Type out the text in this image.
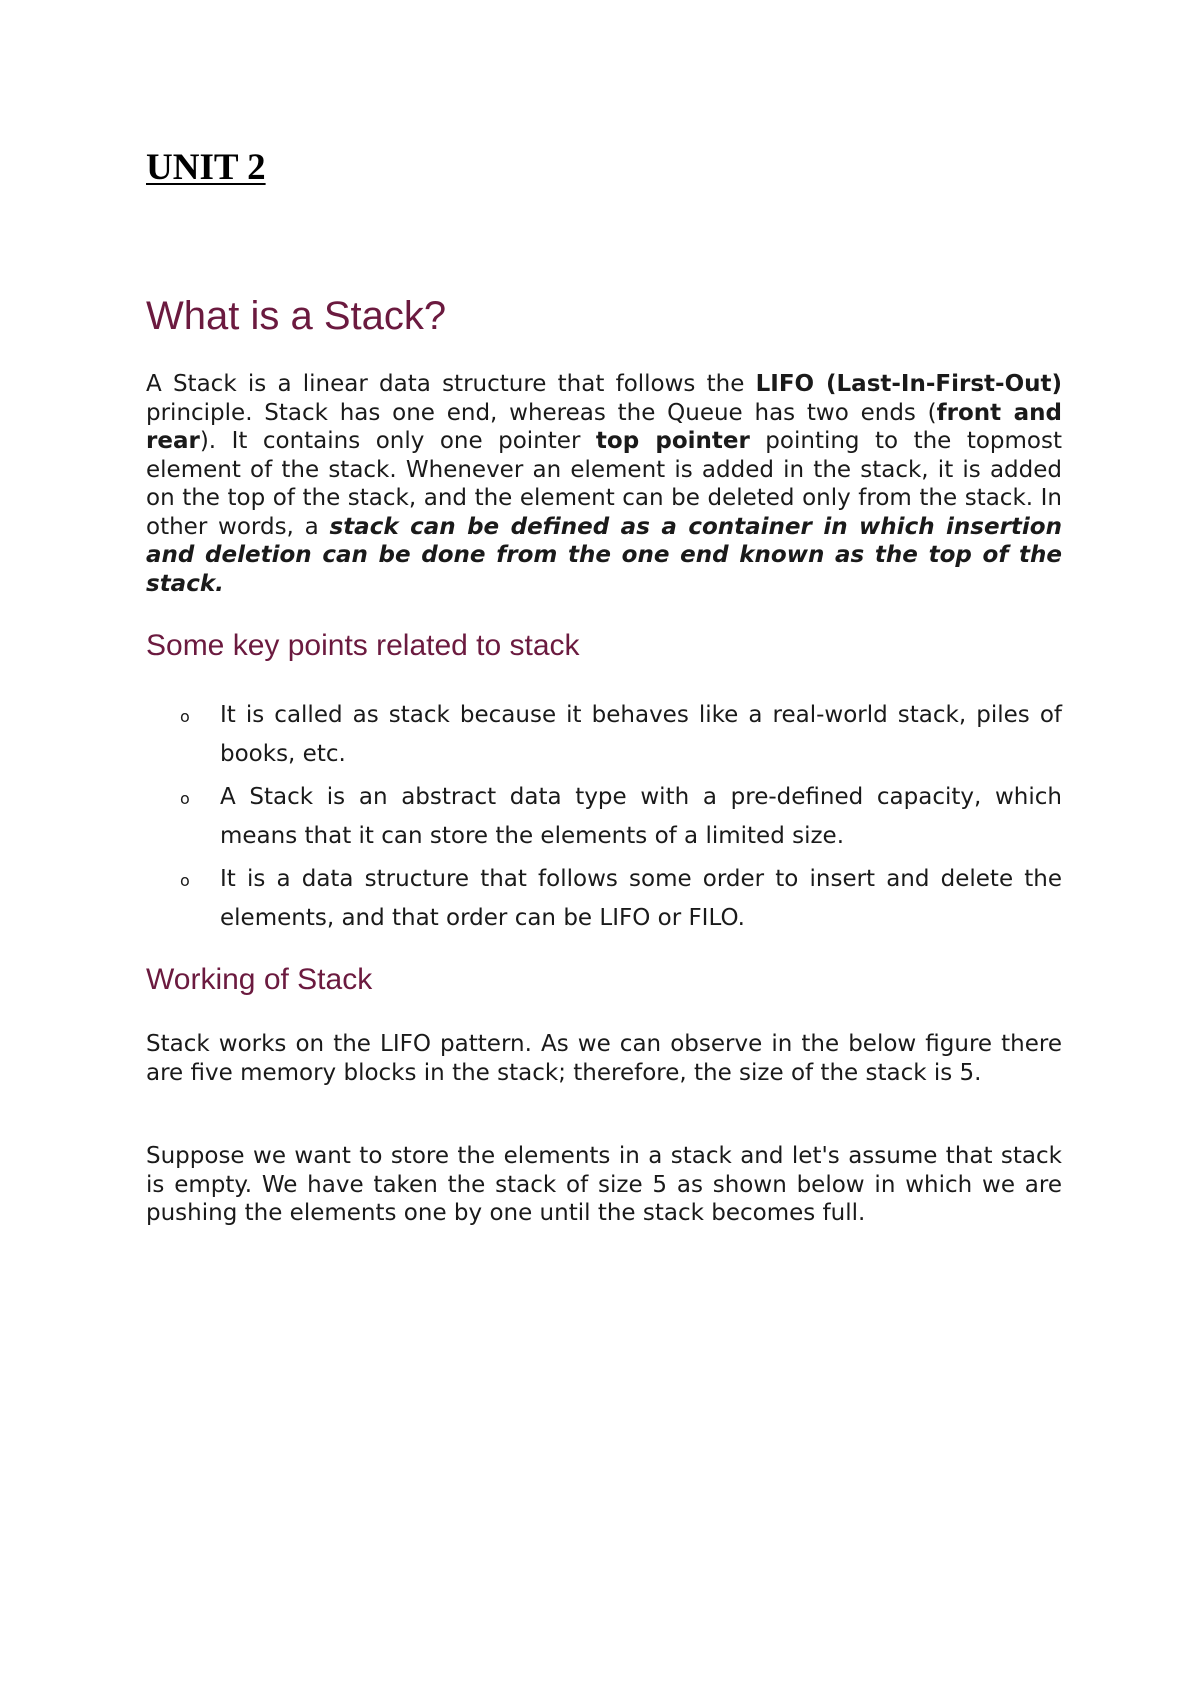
UNIT 2
What is a Stack?

A Stack is a linear data structure that follows the LIFO (Last-In-First-Out) principle. Stack has one end, whereas the Queue has two ends (front and rear). It contains only one pointer top pointer pointing to the topmost element of the stack. Whenever an element is added in the stack, it is added on the top of the stack, and the element can be deleted only from the stack. In other words, a stack can be defined as a container in which insertion and deletion can be done from the one end known as the top of the stack.

Some key points related to stack
o It is called as stack because it behaves like a real-world stack, piles of books, etc.
o A Stack is an abstract data type with a pre-defined capacity, which means that it can store the elements of a limited size.
o It is a data structure that follows some order to insert and delete the elements, and that order can be LIFO or FILO.
Working of Stack

Stack works on the LIFO pattern. As we can observe in the below figure there are five memory blocks in the stack; therefore, the size of the stack is 5.

Suppose we want to store the elements in a stack and let's assume that stack is empty. We have taken the stack of size 5 as shown below in which we are pushing the elements one by one until the stack becomes full.
